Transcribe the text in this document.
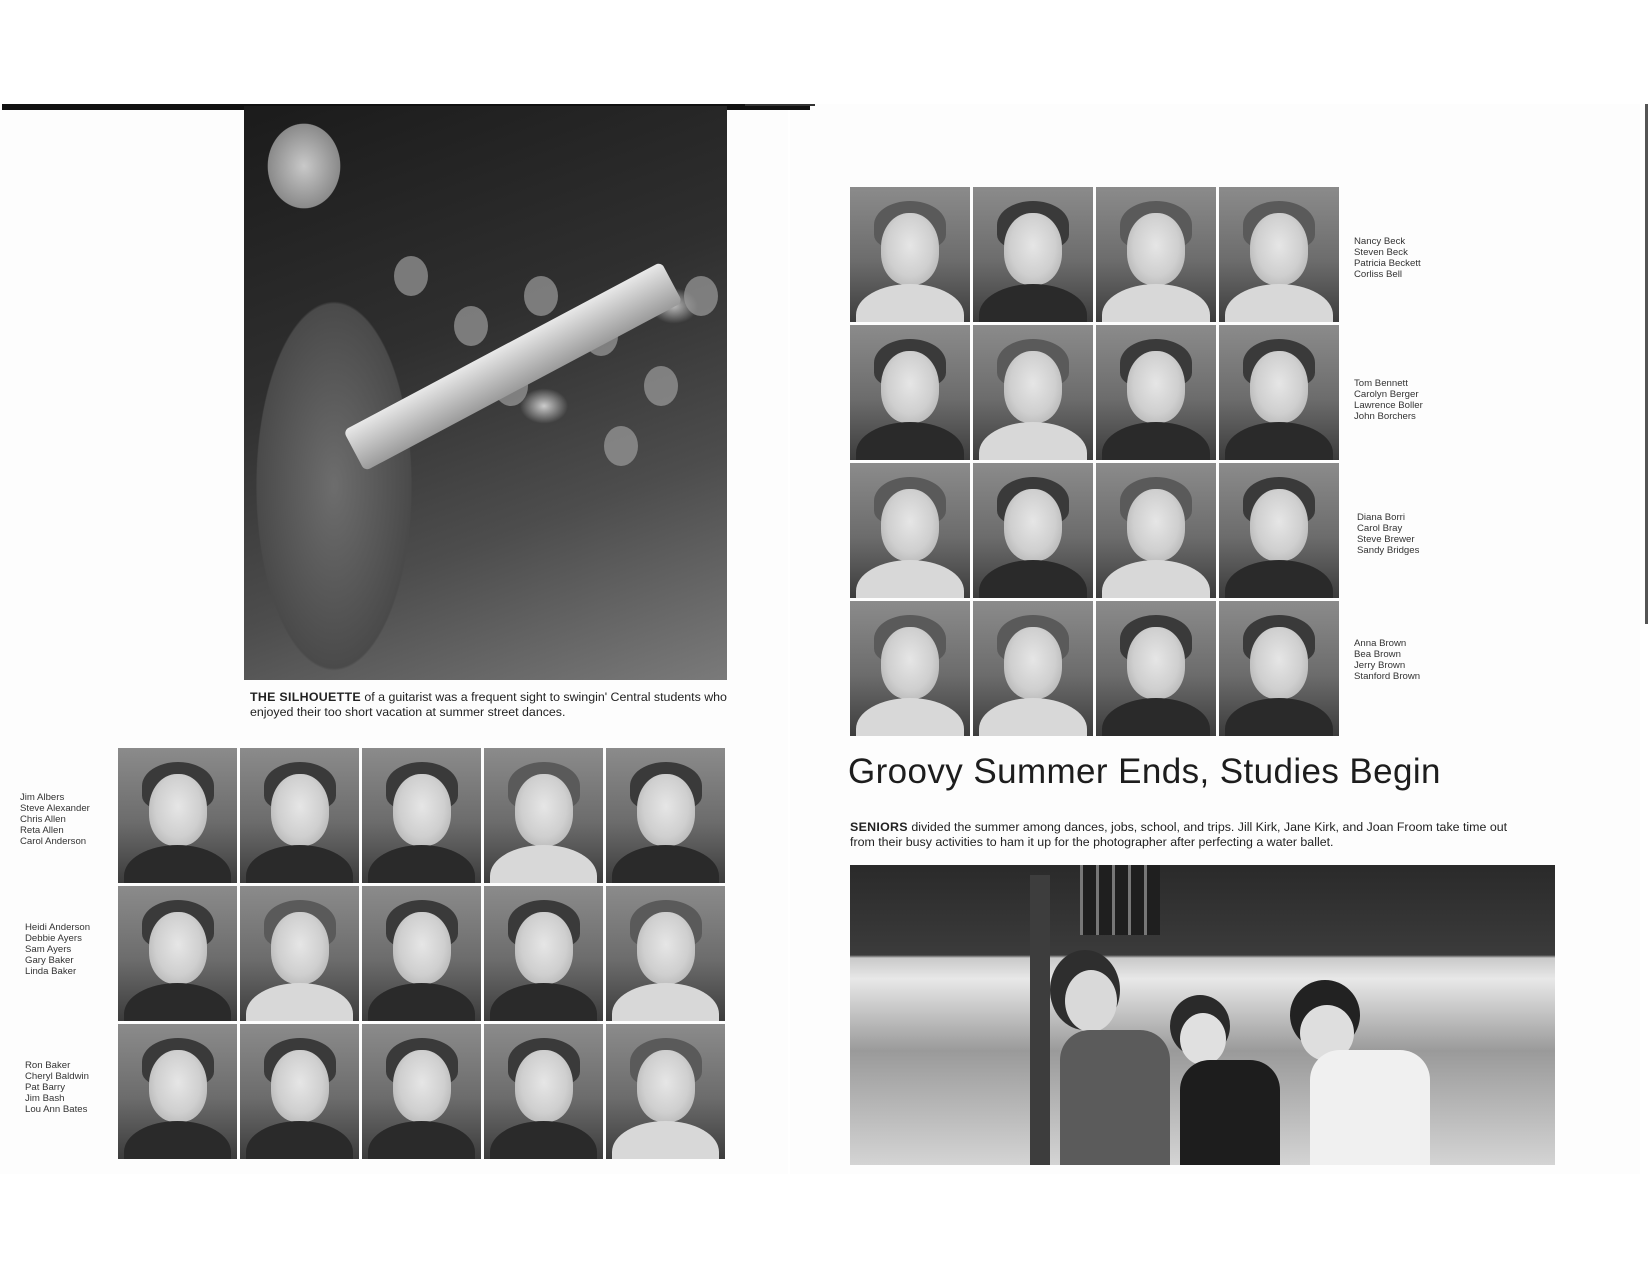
THE SILHOUETTE of a guitarist was a frequent sight to swingin' Central students who enjoyed their too short vacation at summer street dances.
Jim Albers
Steve Alexander
Chris Allen
Reta Allen
Carol Anderson
Heidi Anderson
Debbie Ayers
Sam Ayers
Gary Baker
Linda Baker
Ron Baker
Cheryl Baldwin
Pat Barry
Jim Bash
Lou Ann Bates
Nancy Beck
Steven Beck
Patricia Beckett
Corliss Bell
Tom Bennett
Carolyn Berger
Lawrence Boller
John Borchers
Diana Borri
Carol Bray
Steve Brewer
Sandy Bridges
Anna Brown
Bea Brown
Jerry Brown
Stanford Brown
Groovy Summer Ends, Studies Begin
SENIORS divided the summer among dances, jobs, school, and trips. Jill Kirk, Jane Kirk, and Joan Froom take time out from their busy activities to ham it up for the photographer after perfecting a water ballet.
